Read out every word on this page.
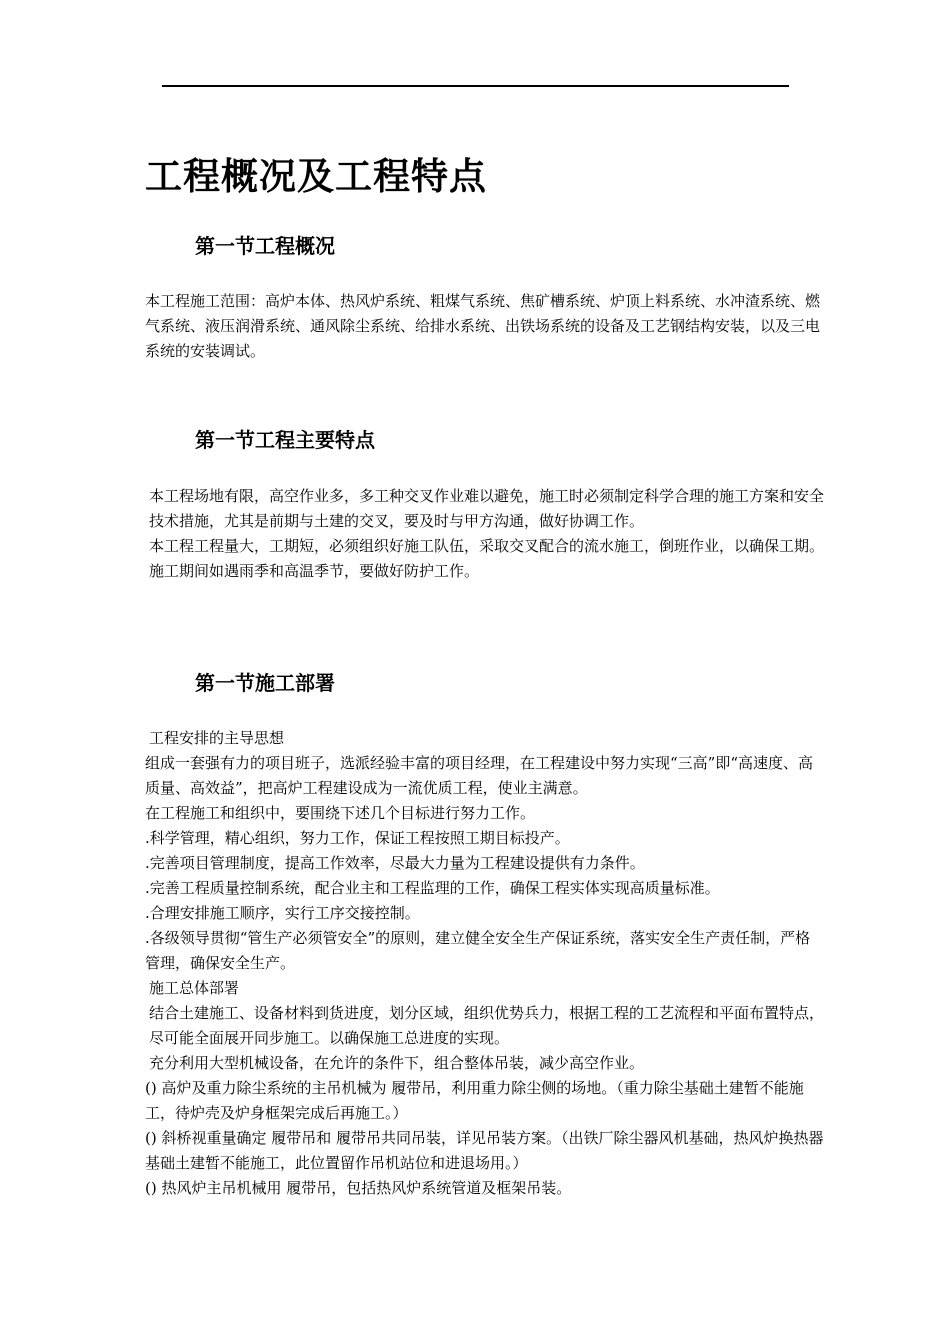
工程概况及工程特点
第一节工程概况

本工程施工范围：高炉本体、热风炉系统、粗煤气系统、焦矿槽系统、炉顶上料系统、水冲渣系统、燃气系统、液压润滑系统、通风除尘系统、给排水系统、出铁场系统的设备及工艺钢结构安装，以及三电系统的安装调试。

第一节工程主要特点

本工程场地有限，高空作业多，多工种交叉作业难以避免，施工时必须制定科学合理的施工方案和安全技术措施，尤其是前期与土建的交叉，要及时与甲方沟通，做好协调工作。

本工程工程量大，工期短，必须组织好施工队伍，采取交叉配合的流水施工，倒班作业，以确保工期。

施工期间如遇雨季和高温季节，要做好防护工作。

第一节施工部署

工程安排的主导思想

组成一套强有力的项目班子，选派经验丰富的项目经理，在工程建设中努力实现“三高”即“高速度、高质量、高效益”，把高炉工程建设成为一流优质工程，使业主满意。

在工程施工和组织中，要围绕下述几个目标进行努力工作。

.科学管理，精心组织，努力工作，保证工程按照工期目标投产。

.完善项目管理制度，提高工作效率，尽最大力量为工程建设提供有力条件。

.完善工程质量控制系统，配合业主和工程监理的工作，确保工程实体实现高质量标准。

.合理安排施工顺序，实行工序交接控制。

.各级领导贯彻“管生产必须管安全”的原则，建立健全安全生产保证系统，落实安全生产责任制，严格管理，确保安全生产。

施工总体部署

结合土建施工、设备材料到货进度，划分区域，组织优势兵力，根据工程的工艺流程和平面布置特点，尽可能全面展开同步施工。以确保施工总进度的实现。

充分利用大型机械设备，在允许的条件下，组合整体吊装，减少高空作业。

() 高炉及重力除尘系统的主吊机械为 履带吊，利用重力除尘侧的场地。（重力除尘基础土建暂不能施工，待炉壳及炉身框架完成后再施工。）

() 斜桥视重量确定 履带吊和 履带吊共同吊装，详见吊装方案。（出铁厂除尘器风机基础，热风炉换热器基础土建暂不能施工，此位置留作吊机站位和进退场用。）

() 热风炉主吊机械用 履带吊，包括热风炉系统管道及框架吊装。
